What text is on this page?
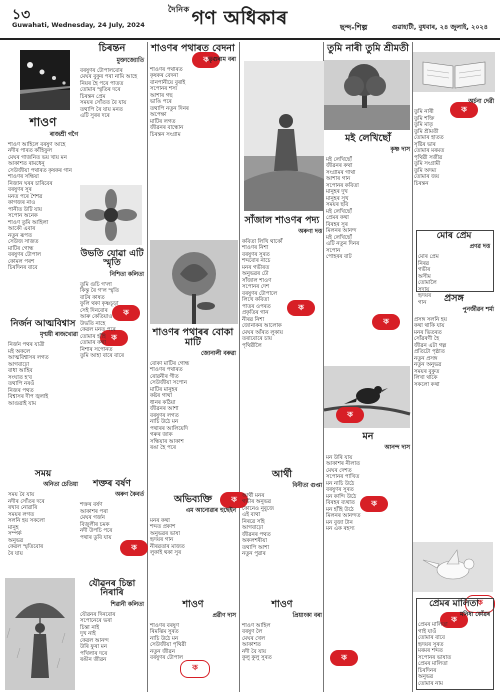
১৩
Guwahati, Wednesday, 24 July, 2024
$^{দৈনিক}$ গণ অধিকাৰ	ছন্দ-শিল্প	গুৱাহাটী, বুধবাৰ, ২৪ জুলাই, ২০২৪
ক
ক
ক
ক
ক
ক
ক
ক
ক	ক
ক
ক
ক
ক
চিৰন্তন
মুক্তাজ্যোতি
বৰষুণৰ টোপালবোৰ
মেঘৰ বুকুৰ পৰা নামি আহে
নিয়ৰ হৈ পৰে পাতত
তোমাৰ স্মৃতিৰ দৰে
চিৰন্তন প্ৰেম
সময়ৰ সোঁতত বৈ যায়
তথাপি ৰৈ যায় মনত
এটি সুৰৰ দৰে
শাওণ
ৰাজশ্ৰী গগৈ
শাওণ আহিলে বৰষুণ আহে
নদীৰ পাৰত কাঁহিফুল
মেঘৰ গাজনিত ভয় খায় মন
আকাশত ৰামধেনু
সেউজীয়া পথাৰত কৃষকৰ গান
শাওণৰ সন্ধিয়া
নিজান ঘৰৰ চাৰিবেৰ
বৰষুণৰ সুৰ
মনত পৰে শৈশৱ
কাগজৰ নাও
পানীত উটি যায়
সপোন অনেক
শাওণ তুমি আহিলা
আকৌ এবাৰ
নতুন ৰূপত
সেউজ সাজত
মাটিৰ গোন্ধ
বৰষুণৰ টোপাল
কোমল পৰশ
চিৰদিনৰ বাবে
উভতি যোৱা এটি স্মৃতি
নিশিতা কলিতা
তুমি গুচি গ'লা
কিন্তু ৰৈ গ'ল স্মৃতি
বাটৰ কাষত
ফুলি থকা কৃষ্ণচূড়া
সেই দিনবোৰ
আৰু কেতিয়াও
উভতি নাহে
কেৱল মনত পৰে
তোমাৰ হাঁহি
তোমাৰ কথা
নিশাৰ সপোনত
তুমি আহা বাৰে বাৰে
নিৰ্জন আত্মবিশ্বাস
মৃণ্ময়ী ৰাজখোৱা
নিৰ্জন পথৰ যাত্ৰী
মই অকলে
আত্মবিশ্বাসৰ লগত
আগবাঢ়ো
বাধা আহিব
সংঘাত হ'ব
তথাপি নৰওঁ
নিজৰ পথত
বিশ্বাসৰ দীপ জ্বলাই
আগুৱাই যাম
সময়
অনিতা চেতিয়া
সময় বৈ যায়
নদীৰ সোঁতৰ দৰে
ৰখাব নোৱাৰি
সময়ৰ লগত
সলনি হয় সকলো
মানুহ
সম্পৰ্ক
অনুভৱ
কেৱল স্মৃতিবোৰ
ৰৈ যায়
শাওণৰ পথাৰত বেদনা
ভৃগুৰাম বৰা
শাওণৰ পথাৰত
কৃষকৰ বেদনা
বানপানীয়ে বুৰাই
সপোনৰ শস্য
আশাৰ গছ
ভাঙি পৰে
তথাপি নতুন দিনৰ
অপেক্ষা
মাটিৰ লগত
জীৱনৰ বান্ধোন
চিৰন্তন সংগ্ৰাম
শাওণৰ পথাৰৰ বোকা মাটি
জোনালী বৰুৱা
বোকা মাটিৰ গোন্ধ
শাওণৰ পথাৰত
ৰোৱনীৰ গীত
সেউজীয়া সপোন
মাটিৰ মানুহৰ
কষ্টৰ গাথা
ধানৰ কঠিয়া
জীৱনৰ আশা
বৰষুণৰ লগত
নাচি উঠে মন
পথাৰৰ আলিয়েদি
গৰুৰ জাক
সন্ধিয়াৰ আকাশ
ৰঙা হৈ পৰে
শক্তৰ বৰ্ষণ
অৰুণ কৈবৰ্ত
শক্তৰ বৰ্ষণ
আকাশৰ পৰা
মেঘৰ গৰ্জন
বিজুলীৰ চমক
নদী উপচি পৰে
পথাৰ ডুবি যায়
যৌৱনৰ চিন্তা নিৰাৰি
শিৱানী কলিতা
যৌৱনৰ দিনবোৰ
সপোনেৰে ভৰা
চিন্তা নাই
দুখ নাই
কেৱল আনন্দ
উৰি ফুৰা মন
পখিলাৰ দৰে
ৰঙীন জীৱন
অভিব্যক্তি
এম আনোৱাৰ হুছেইন
মনৰ কথা
শব্দত প্ৰকাশ
অনুভৱৰ ভাষা
হৃদয়ৰ গান
নীৰৱতাৰ মাজত
লুকাই থকা সুৰ
শাওণ
প্ৰৱীণ দাস
শাওণৰ বৰষুণ
ৰিমঝিম সুৰত
নাচি উঠে মন
সেউজীয়া পৃথিৱী
নতুন জীৱন
বৰষুণৰ টোপাল
শাওণ
প্ৰিয়াংকা বৰা
শাওণ আহিল
বৰষুণ লৈ
মেঘৰ খেল
আকাশত
নদী বৈ যায়
কুলু কুলু সুৰত
সাঁজাল শাওণৰ পদ্য
অৰুণা দত্ত
কবিতা লিখি থাকোঁ
শাওণৰ নিশা
বৰষুণৰ সুৰত
শব্দবোৰ নাচে
মনৰ গভীৰত
অনুভৱৰ ঢৌ
সাঁজাল শাওণ
সপোনৰ দেশ
বৰষুণৰ টোপালে
লিখে কবিতা
পাতৰ ওপৰত
প্ৰকৃতিৰ গান
নীৰৱ নিশা
জোনাকৰ আলোক
মেঘৰ আঁৰত লুকায়
তৰাবোৰে চায়
পৃথিৱীলৈ
মই লেখিছোঁ
কৃষ্ণ দাস
মই লেখিছোঁ
জীৱনৰ কথা
সংগ্ৰামৰ গাথা
আশাৰ গান
সপোনৰ কবিতা
মানুহৰ দুখ
মানুহৰ সুখ
সময়ৰ ছবি
মই লেখিছোঁ
প্ৰেমৰ কথা
বিৰহৰ সুৰ
মিলনৰ আনন্দ
মই লেখিছোঁ
এটি নতুন দিনৰ
সপোন
পোহৰৰ বাট
আৰ্থী
বিনীতা গুপ্তা
আৰ্থী মনৰ
গভীৰ অনুভৱ
কোনেও নুবুজে
এই ব্যথা
নিৰৱে সহি
আগবাঢ়ো
জীৱনৰ পথত
অকলশৰীয়া
তথাপি আশা
নতুন পুৱাৰ
তুমি নাৰী তুমি শ্ৰীমতী
অৰ্চনা দেৱী
তুমি নাৰী
তুমি শক্তি
তুমি মাতৃ
তুমি শ্ৰীমতী
তোমাৰ হাতত
সৃষ্টিৰ ভাৰ
তোমাৰ মৰমত
পৃথিৱী সজীৱ
তুমি সংগ্ৰামী
তুমি অদম্য
তোমাৰ জয়
চিৰন্তন
মোৰ প্ৰেম
প্ৰণৱ দত্ত
মোৰ প্ৰেম
নিৰৱ
গভীৰ
অসীম
তোমালৈ
সদায়
হৃদয়ৰ
গান	প্ৰসঙ্গ
পুনৰ্জীৱন শৰ্মা
প্ৰসঙ্গ সলনি হয়
কথা থাকি যায়
মনৰ ভিতৰত
সোঁৱৰণী হৈ
জীৱন এটা গল্প
প্ৰতিটো পৃষ্ঠাত
নতুন প্ৰসঙ্গ
নতুন অনুভৱ
সময়ৰ বুকুত
লিখা থাকে
সকলো কথা
প্ৰেমৰ মালিতা
মনিষা কোঁৱৰ
প্ৰেমৰ মালিতা
গাই যাওঁ
তোমাৰ বাবে
হৃদয়ৰ সুৰত
মৰমৰ শব্দত
সপোনৰ ভাষাত
প্ৰেমৰ মালিতা
চিৰদিনৰ
অনুভৱ
তোমাৰ নাম
মন
আনন্দ দাস
মন উৰি যায়
আকাশৰ নীলাত
মেঘৰ দেশত
সপোনৰ পাখিত
মন নাচি উঠে
বৰষুণৰ সুৰত
মন কান্দি উঠে
বিৰহৰ ব্যথাত
মন হাঁহি উঠে
মিলনৰ আনন্দত
মন বুজা টান
মন এক ৰহস্য
